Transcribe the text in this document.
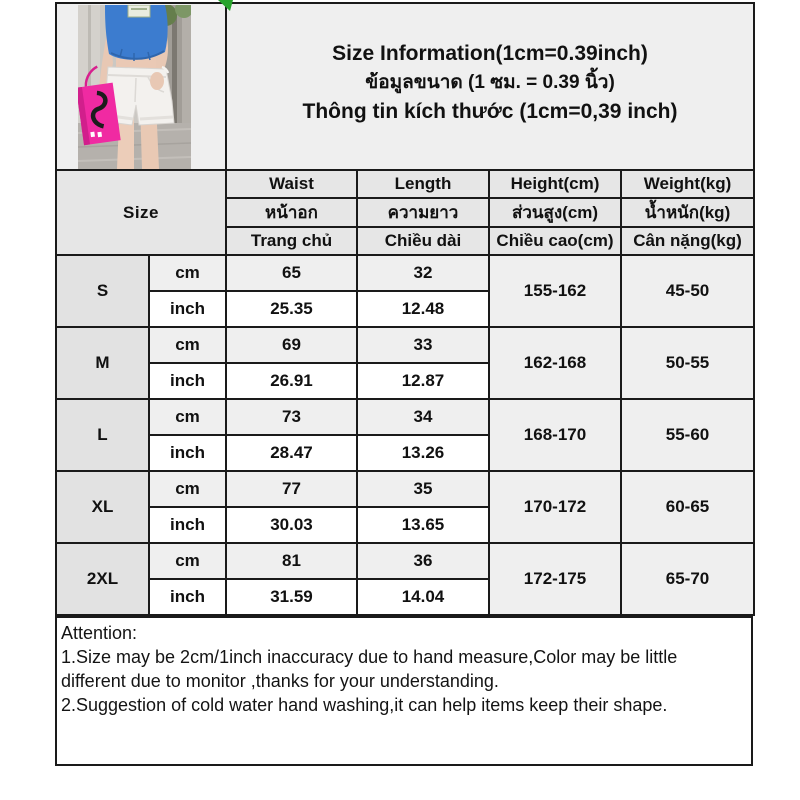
Size Information(1cm=0.39inch)
ข้อมูลขนาด (1 ซม. = 0.39 นิ้ว)
Thông tin kích thước (1cm=0,39 inch)			

Size		Waist	Length	Height(cm)	Weight(kg)
		หน้าอก	ความยาว	ส่วนสูง(cm)	น้ำหนัก(kg)
		Trang chủ	Chiều dài	Chiều cao(cm)	Cân nặng(kg)
S	cm	65	32	155-162	45-50
	inch	25.35	12.48		
M	cm	69	33	162-168	50-55
	inch	26.91	12.87		
L	cm	73	34	168-170	55-60
	inch	28.47	13.26		
XL	cm	77	35	170-172	60-65
	inch	30.03	13.65		
2XL	cm	81	36	172-175	65-70
	inch	31.59	14.04		
Attention:
1.Size may be 2cm/1inch inaccuracy due to hand measure,Color may be little different due to monitor ,thanks for your understanding.
2.Suggestion of cold water hand washing,it can help items keep their shape.
